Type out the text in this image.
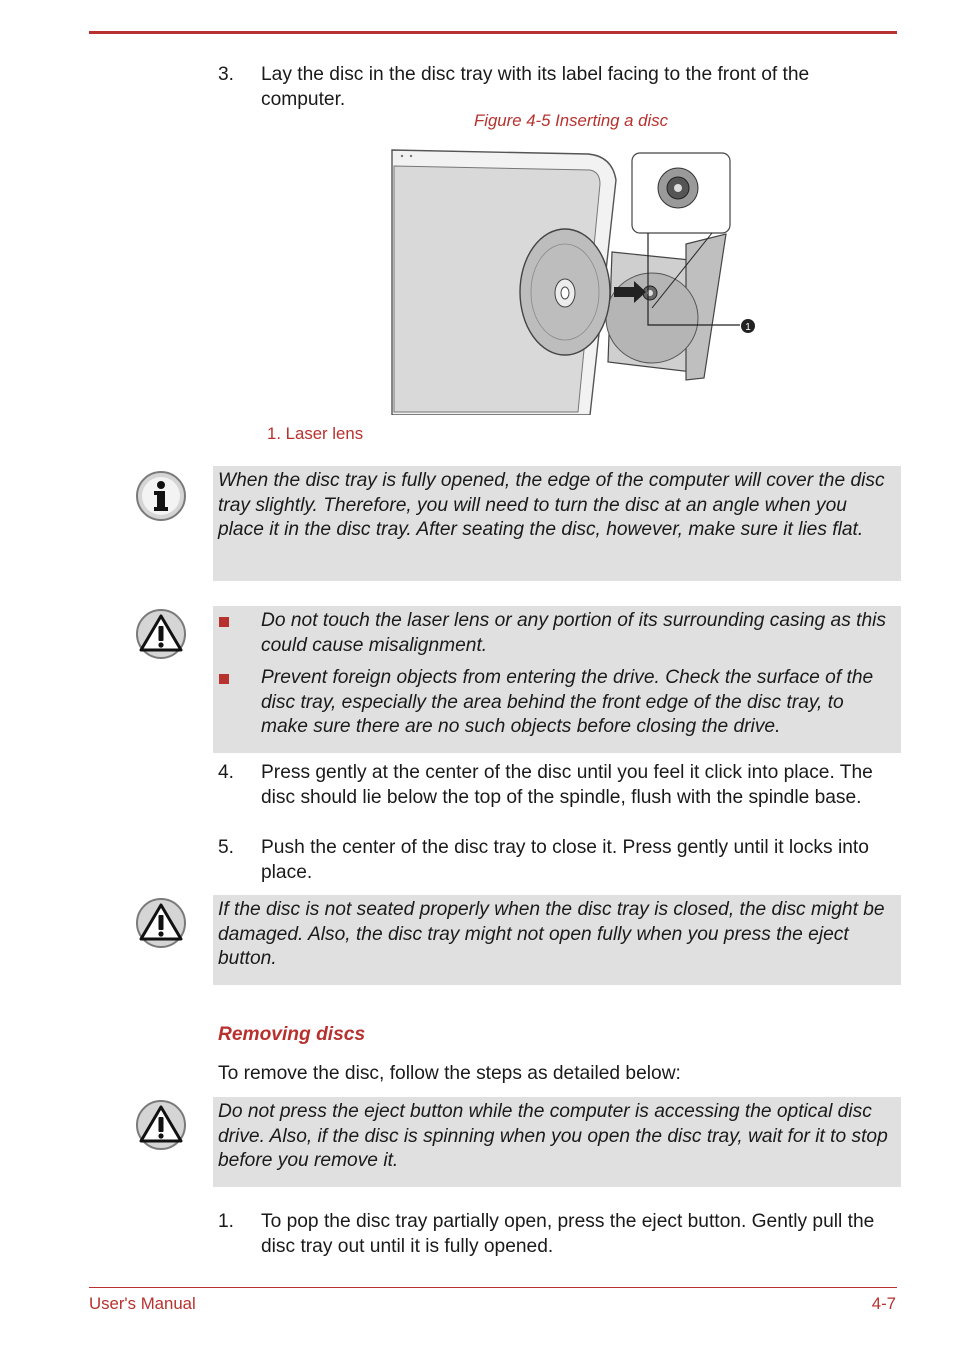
3. Lay the disc in the disc tray with its label facing to the front of the computer.
Figure 4-5 Inserting a disc
1
1. Laser lens
When the disc tray is fully opened, the edge of the computer will cover the disc tray slightly. Therefore, you will need to turn the disc at an angle when you place it in the disc tray. After seating the disc, however, make sure it lies flat.
Do not touch the laser lens or any portion of its surrounding casing as this could cause misalignment.
Prevent foreign objects from entering the drive. Check the surface of the disc tray, especially the area behind the front edge of the disc tray, to make sure there are no such objects before closing the drive.
4. Press gently at the center of the disc until you feel it click into place. The disc should lie below the top of the spindle, flush with the spindle base.
5. Push the center of the disc tray to close it. Press gently until it locks into place.
If the disc is not seated properly when the disc tray is closed, the disc might be damaged. Also, the disc tray might not open fully when you press the eject button.
Removing discs
To remove the disc, follow the steps as detailed below:
Do not press the eject button while the computer is accessing the optical disc drive. Also, if the disc is spinning when you open the disc tray, wait for it to stop before you remove it.
1. To pop the disc tray partially open, press the eject button. Gently pull the disc tray out until it is fully opened.
User's Manual	4-7
